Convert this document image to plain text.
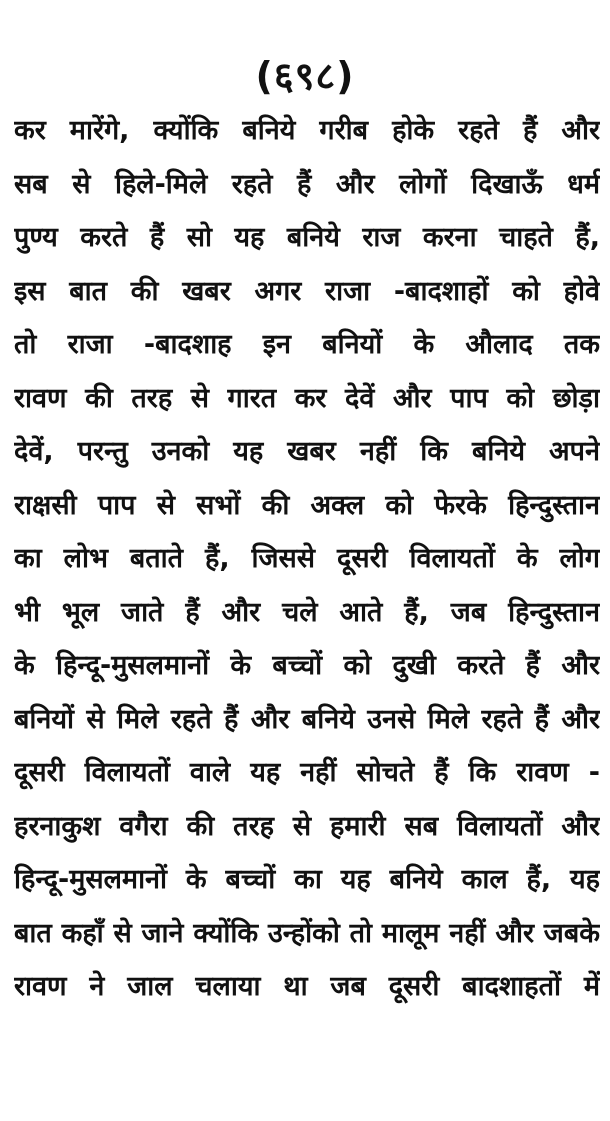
(६९८)
कर मारेंगे, क्योंकि बनिये गरीब होके रहते हैं और
सब से हिले-मिले रहते हैं और लोगों दिखाऊँ धर्म
पुण्य करते हैं सो यह बनिये राज करना चाहते हैं,
इस बात की खबर अगर राजा -बादशाहों को होवे
तो राजा -बादशाह इन बनियों के औलाद तक
रावण की तरह से गारत कर देवें और पाप को छोड़ा
देवें, परन्तु उनको यह खबर नहीं कि बनिये अपने
राक्षसी पाप से सभों की अक्ल को फेरके हिन्दुस्तान
का लोभ बताते हैं, जिससे दूसरी विलायतों के लोग
भी भूल जाते हैं और चले आते हैं, जब हिन्दुस्तान
के हिन्दू-मुसलमानों के बच्चों को दुखी करते हैं और
बनियों से मिले रहते हैं और बनिये उनसे मिले रहते हैं और
दूसरी विलायतों वाले यह नहीं सोचते हैं कि रावण -
हरनाकुश वगैरा की तरह से हमारी सब विलायतों और
हिन्दू-मुसलमानों के बच्चों का यह बनिये काल हैं, यह
बात कहाँ से जाने क्योंकि उन्होंको तो मालूम नहीं और जबके
रावण ने जाल चलाया था जब दूसरी बादशाहतों में
